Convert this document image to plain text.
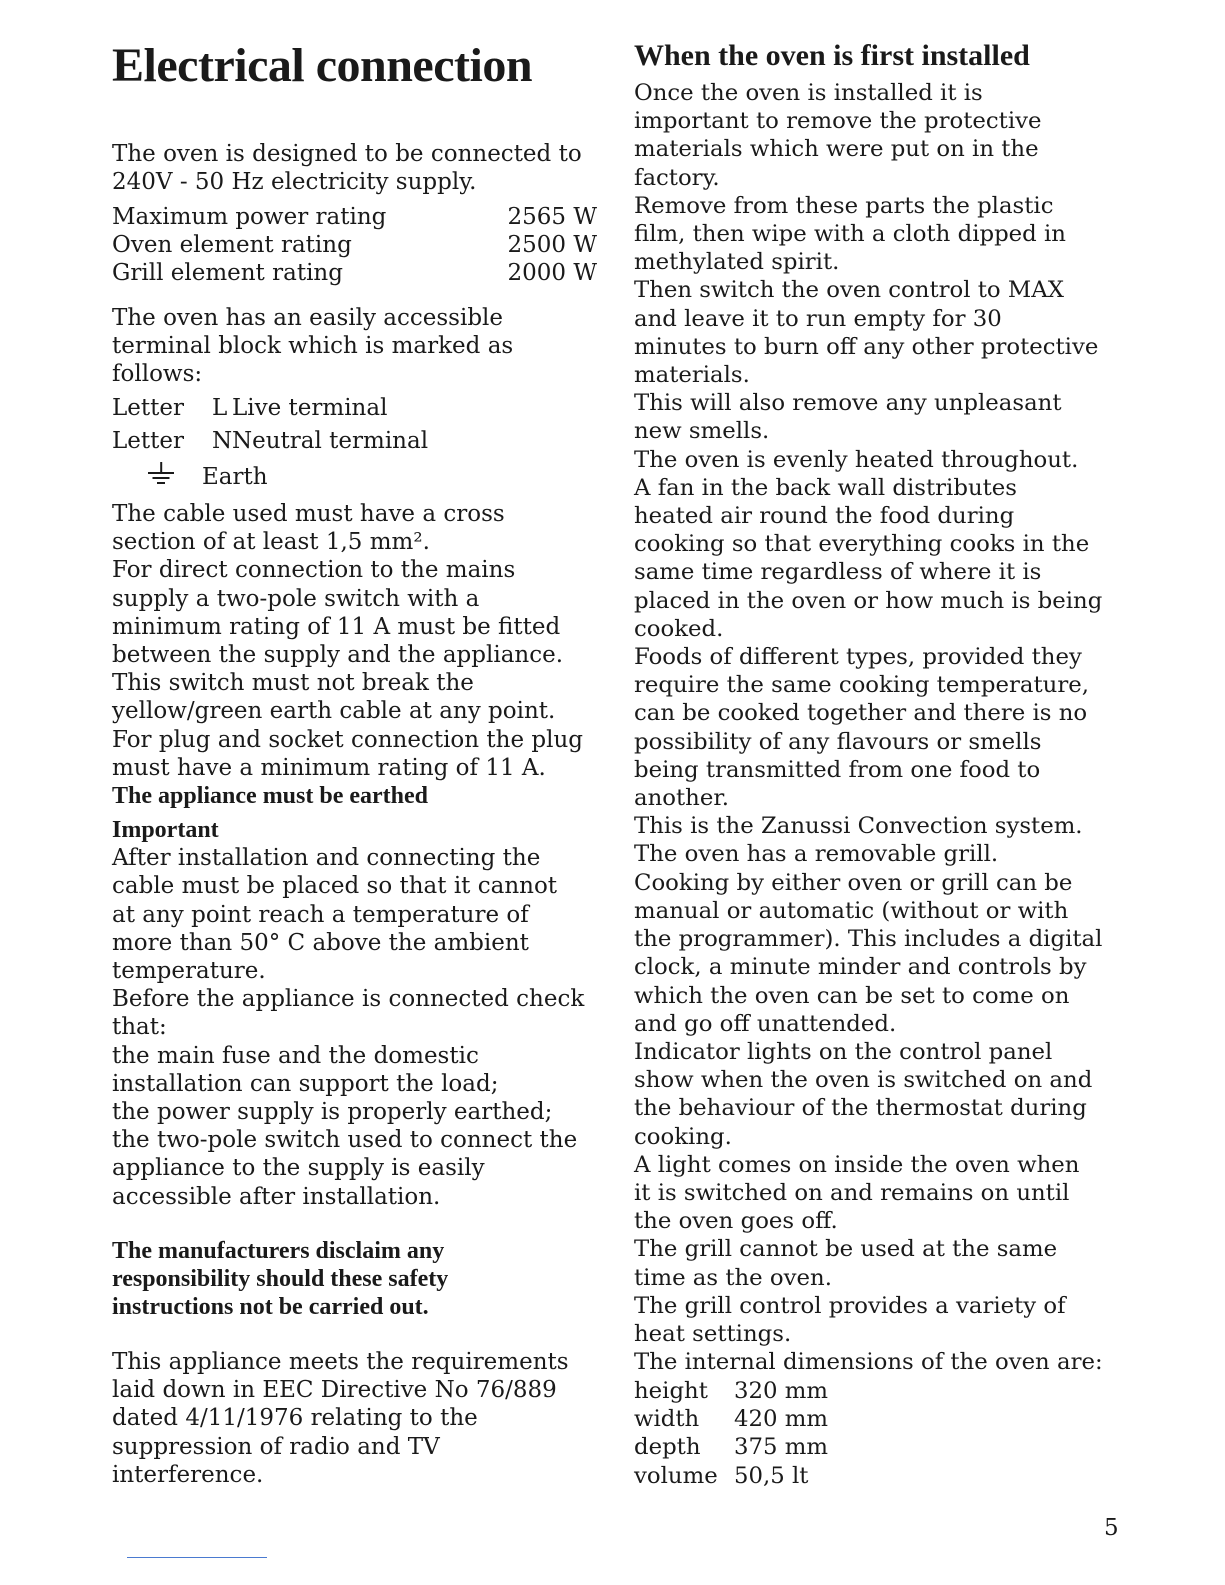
Electrical connection
The oven is designed to be connected to
240V - 50 Hz electricity supply.
Maximum power rating	2565 W
Oven element rating	2500 W
Grill element rating	2000 W
The oven has an easily accessible
terminal block which is marked as
follows:
Letter	L Live terminal
Letter	N Neutral terminal
Earth
The cable used must have a cross
section of at least 1,5 mm².
For direct connection to the mains
supply a two-pole switch with a
minimum rating of 11 A must be fitted
between the supply and the appliance.
This switch must not break the
yellow/green earth cable at any point.
For plug and socket connection the plug
must have a minimum rating of 11 A.
The appliance must be earthed
Important
After installation and connecting the
cable must be placed so that it cannot
at any point reach a temperature of
more than 50° C above the ambient
temperature.
Before the appliance is connected check
that:
the main fuse and the domestic
installation can support the load;
the power supply is properly earthed;
the two-pole switch used to connect the
appliance to the supply is easily
accessible after installation.
The manufacturers disclaim any
responsibility should these safety
instructions not be carried out.
This appliance meets the requirements
laid down in EEC Directive No 76/889
dated 4/11/1976 relating to the
suppression of radio and TV
interference.
When the oven is first installed
Once the oven is installed it is
important to remove the protective
materials which were put on in the
factory.
Remove from these parts the plastic
film, then wipe with a cloth dipped in
methylated spirit.
Then switch the oven control to MAX
and leave it to run empty for 30
minutes to burn off any other protective
materials.
This will also remove any unpleasant
new smells.
The oven is evenly heated throughout.
A fan in the back wall distributes
heated air round the food during
cooking so that everything cooks in the
same time regardless of where it is
placed in the oven or how much is being
cooked.
Foods of different types, provided they
require the same cooking temperature,
can be cooked together and there is no
possibility of any flavours or smells
being transmitted from one food to
another.
This is the Zanussi Convection system.
The oven has a removable grill.
Cooking by either oven or grill can be
manual or automatic (without or with
the programmer). This includes a digital
clock, a minute minder and controls by
which the oven can be set to come on
and go off unattended.
Indicator lights on the control panel
show when the oven is switched on and
the behaviour of the thermostat during
cooking.
A light comes on inside the oven when
it is switched on and remains on until
the oven goes off.
The grill cannot be used at the same
time as the oven.
The grill control provides a variety of
heat settings.
The internal dimensions of the oven are:
height	320 mm
width	420 mm
depth	375 mm
volume 50,5 lt
5
